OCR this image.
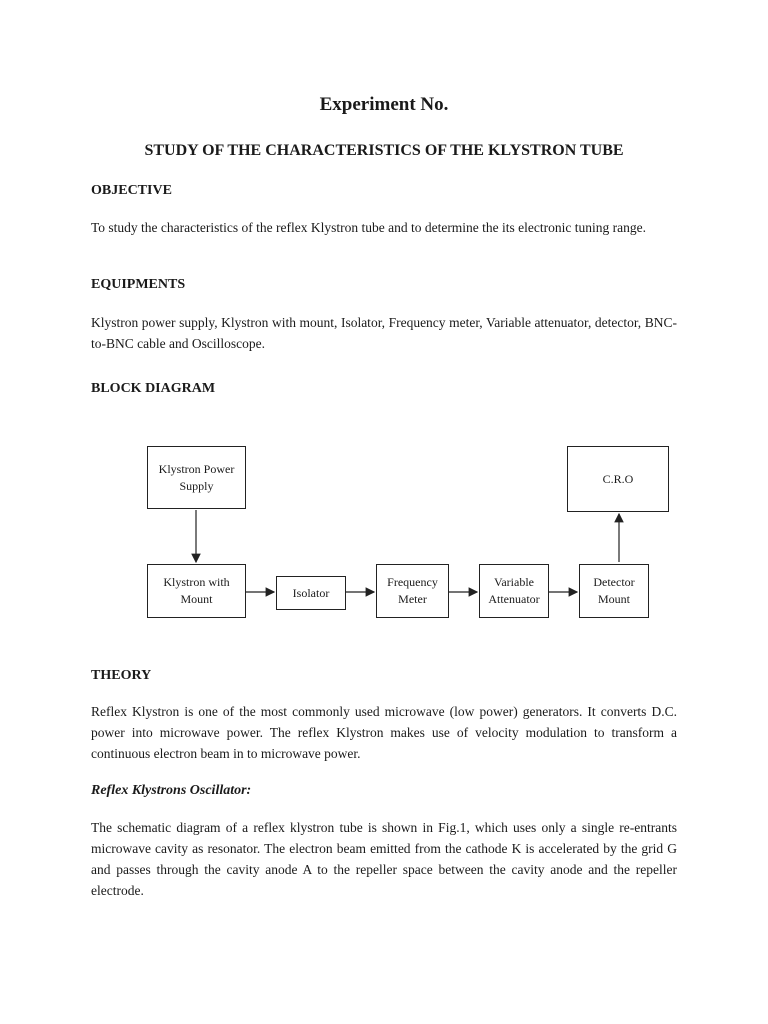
Experiment No.
STUDY OF THE CHARACTERISTICS OF THE KLYSTRON TUBE
OBJECTIVE
To study the characteristics of the reflex Klystron tube and to determine the its electronic tuning range.
EQUIPMENTS
Klystron power supply, Klystron with mount, Isolator, Frequency meter, Variable attenuator, detector, BNC-to-BNC cable and Oscilloscope.
BLOCK DIAGRAM
Klystron Power Supply
Klystron with Mount	Isolator
Frequency Meter
Variable Attenuator
Detector Mount
C.R.O
THEORY
Reflex Klystron is one of the most commonly used microwave (low power) generators. It converts D.C. power into microwave power. The reflex Klystron makes use of velocity modulation to transform a continuous electron beam in to microwave power.
Reflex Klystrons Oscillator:
The schematic diagram of a reflex klystron tube is shown in Fig.1, which uses only a single re-entrants microwave cavity as resonator. The electron beam emitted from the cathode K is accelerated by the grid G and passes through the cavity anode A to the repeller space between the cavity anode and the repeller electrode.
